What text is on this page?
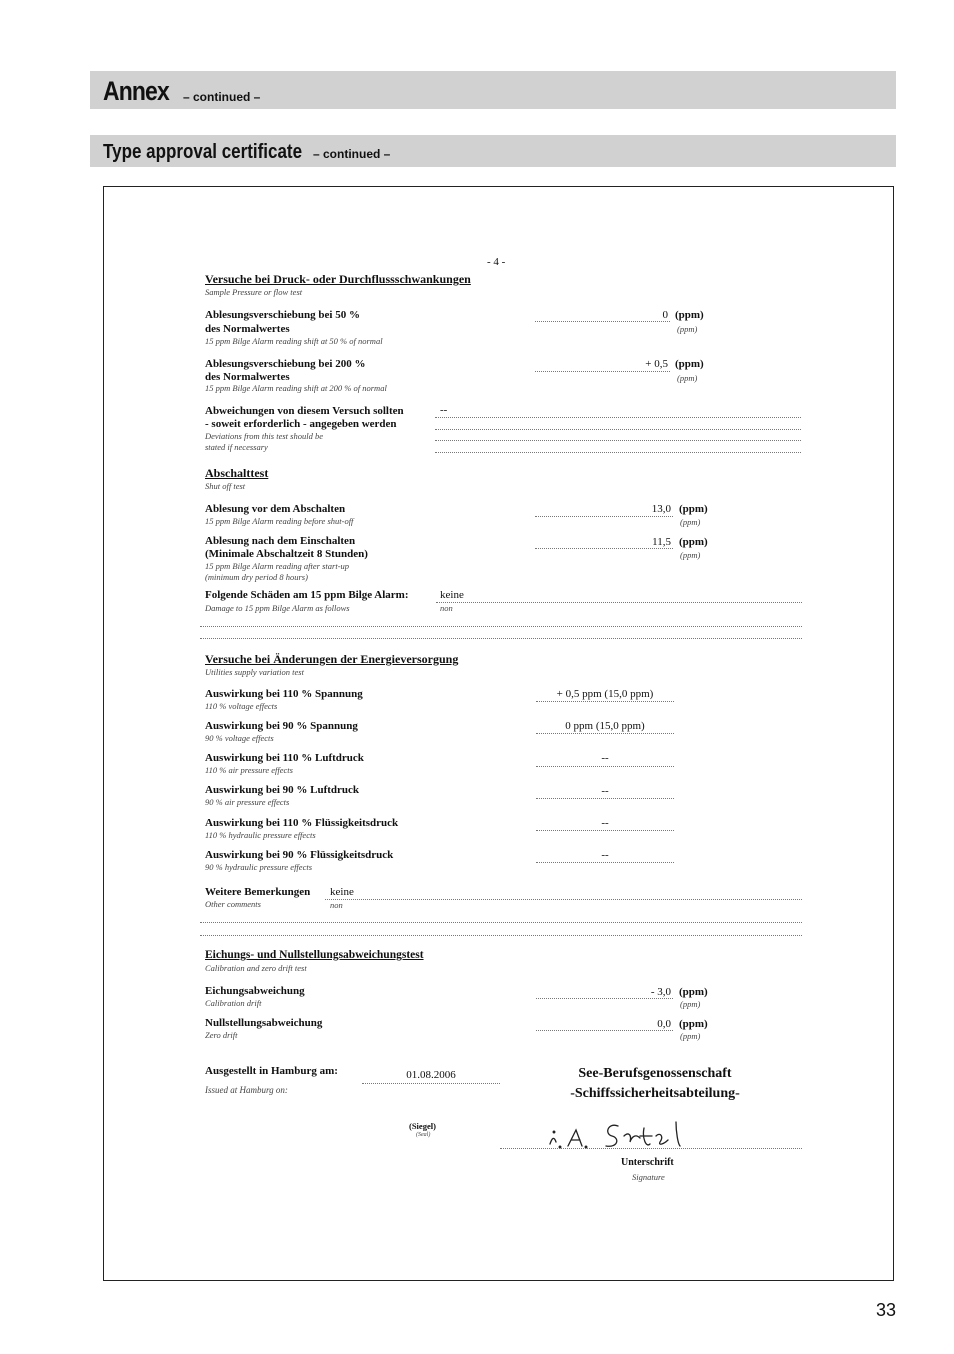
Annex – continued –
Type approval certificate – continued –
- 4 -
Versuche bei Druck- oder Durchflussschwankungen
Sample Pressure or flow test
Ablesungsverschiebung bei 50 %
des Normalwertes
15 ppm Bilge Alarm reading shift at 50 % of normal
0 (ppm)
(ppm)
Ablesungsverschiebung bei 200 %
des Normalwertes
15 ppm Bilge Alarm reading shift at 200 % of normal
+ 0,5 (ppm)
(ppm)
Abweichungen von diesem Versuch sollten
- soweit erforderlich - angegeben werden
Deviations from this test should be
stated if necessary
--
Abschalttest
Shut off test
Ablesung vor dem Abschalten
15 ppm Bilge Alarm reading before shut-off
13,0 (ppm)
(ppm)
Ablesung nach dem Einschalten
(Minimale Abschaltzeit 8 Stunden)
15 ppm Bilge Alarm reading after start-up
(minimum dry period 8 hours)
11,5 (ppm)
(ppm)
Folgende Schäden am 15 ppm Bilge Alarm:
Damage to 15 ppm Bilge Alarm as follows
keine
non
Versuche bei Änderungen der Energieversorgung
Utilities supply variation test
Auswirkung bei 110 % Spannung
110 % voltage effects
+ 0,5 ppm (15,0 ppm)
Auswirkung bei 90 % Spannung
90 % voltage effects
0 ppm (15,0 ppm)
Auswirkung bei 110 % Luftdruck
110 % air pressure effects
--
Auswirkung bei 90 % Luftdruck
90 % air pressure effects
--
Auswirkung bei 110 % Flüssigkeitsdruck
110 % hydraulic pressure effects
--
Auswirkung bei 90 % Flüssigkeitsdruck
90 % hydraulic pressure effects
--
Weitere Bemerkungen
Other comments
keine
non
Eichungs- und Nullstellungsabweichungstest
Calibration and zero drift test
Eichungsabweichung
Calibration drift
- 3,0 (ppm)
(ppm)
Nullstellungsabweichung
Zero drift
0,0 (ppm)
(ppm)
Ausgestellt in Hamburg am:
Issued at Hamburg on:
01.08.2006	See-Berufsgenossenschaft
-Schiffssicherheitsabteilung-
(Siegel)
(Seal)
Unterschrift
Signature
33
